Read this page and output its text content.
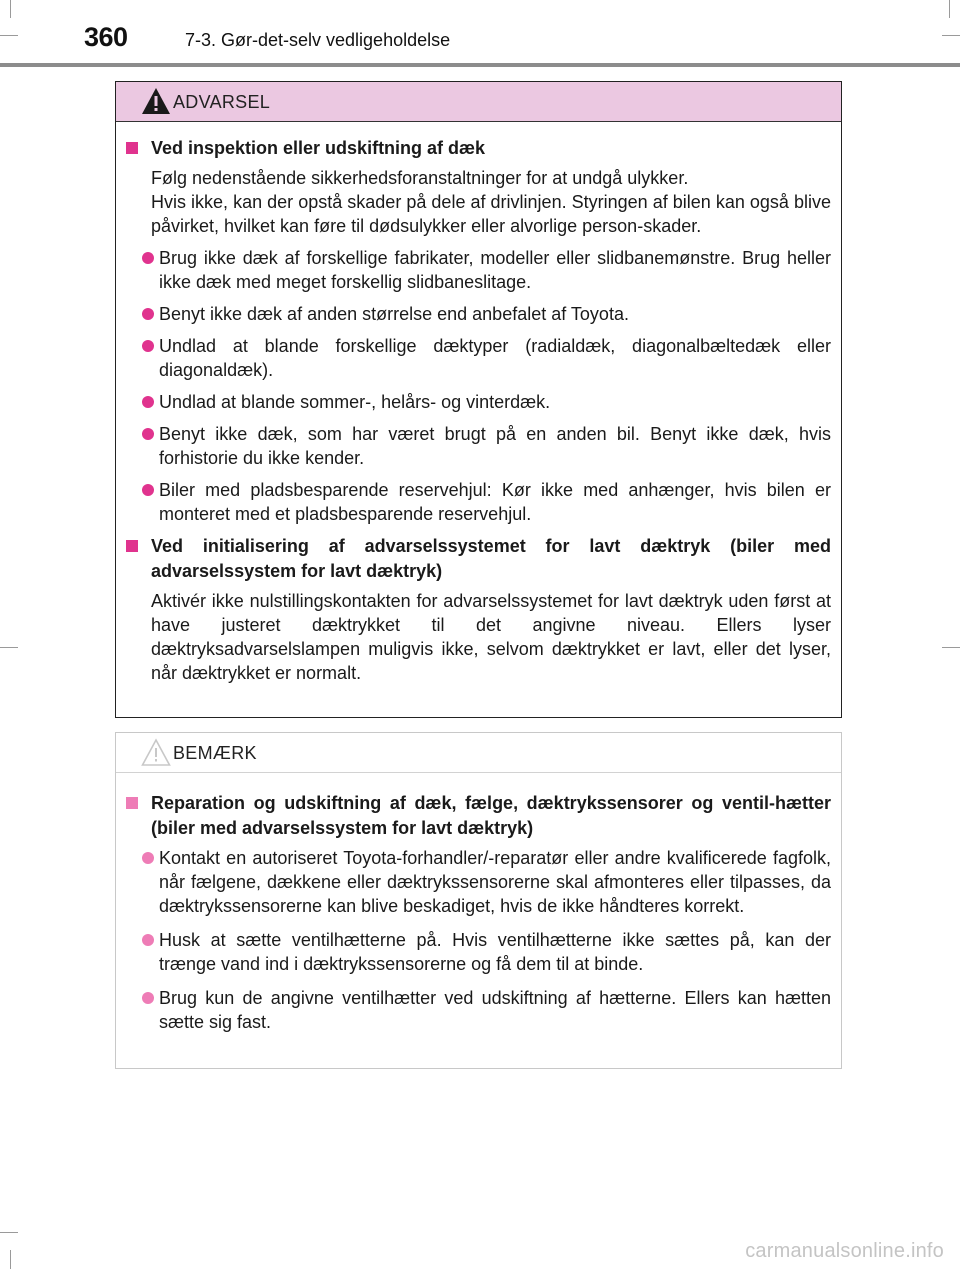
360	7-3. Gør-det-selv vedligeholdelse
ADVARSEL
Ved inspektion eller udskiftning af dæk
Følg nedenstående sikkerhedsforanstaltninger for at undgå ulykker.
Hvis ikke, kan der opstå skader på dele af drivlinjen. Styringen af bilen kan også blive påvirket, hvilket kan føre til dødsulykker eller alvorlige person-skader.
Brug ikke dæk af forskellige fabrikater, modeller eller slidbanemønstre. Brug heller ikke dæk med meget forskellig slidbaneslitage.
Benyt ikke dæk af anden størrelse end anbefalet af Toyota.
Undlad at blande forskellige dæktyper (radialdæk, diagonalbæltedæk eller diagonaldæk).
Undlad at blande sommer-, helårs- og vinterdæk.
Benyt ikke dæk, som har været brugt på en anden bil. Benyt ikke dæk, hvis forhistorie du ikke kender.
Biler med pladsbesparende reservehjul: Kør ikke med anhænger, hvis bilen er monteret med et pladsbesparende reservehjul.
Ved initialisering af advarselssystemet for lavt dæktryk (biler med advarselssystem for lavt dæktryk)
Aktivér ikke nulstillingskontakten for advarselssystemet for lavt dæktryk uden først at have justeret dæktrykket til det angivne niveau. Ellers lyser dæktryksadvarselslampen muligvis ikke, selvom dæktrykket er lavt, eller det lyser, når dæktrykket er normalt.
BEMÆRK
Reparation og udskiftning af dæk, fælge, dæktrykssensorer og ventil-hætter (biler med advarselssystem for lavt dæktryk)
Kontakt en autoriseret Toyota-forhandler/-reparatør eller andre kvalificerede fagfolk, når fælgene, dækkene eller dæktrykssensorerne skal afmonteres eller tilpasses, da dæktrykssensorerne kan blive beskadiget, hvis de ikke håndteres korrekt.
Husk at sætte ventilhætterne på. Hvis ventilhætterne ikke sættes på, kan der trænge vand ind i dæktrykssensorerne og få dem til at binde.
Brug kun de angivne ventilhætter ved udskiftning af hætterne. Ellers kan hætten sætte sig fast.
carmanualsonline.info
